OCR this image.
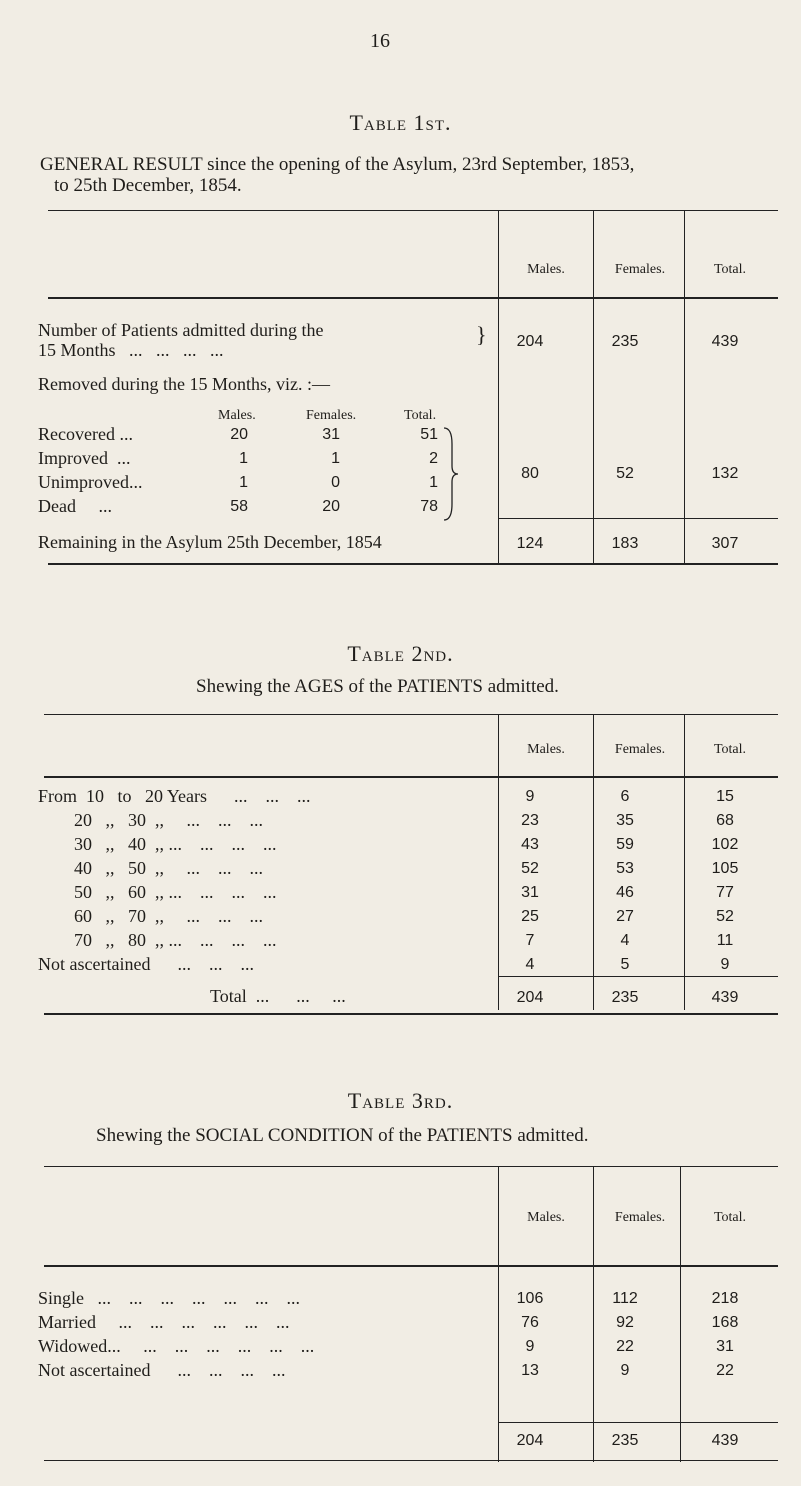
16
Table 1st.
GENERAL RESULT since the opening of the Asylum, 23rd September, 1853,
to 25th December, 1854.
Males.	Females.	Total.
Number of Patients admitted during the
15 Months   ...   ...   ...   ...
}	204	235	439
Removed during the 15 Months, viz. :—
Males.	Females.	Total.
Recovered ...	20	31	51
Improved  ...	1	1	2
Unimproved...	1	0	1
Dead     ...	58	20	78
80	52	132
Remaining in the Asylum 25th December, 1854	124	183	307
Table 2nd.
Shewing the AGES of the PATIENTS admitted.
Males.	Females.	Total.
From  10   to   20 Years      ...    ...    ...	9	6	15
20   ,,   30  ,,     ...    ...    ...	23	35	68
30   ,,   40  ,, ...    ...    ...    ...	43	59	102
40   ,,   50  ,,     ...    ...    ...	52	53	105
50   ,,   60  ,, ...    ...    ...    ...	31	46	77
60   ,,   70  ,,     ...    ...    ...	25	27	52
70   ,,   80  ,, ...    ...    ...    ...	7	4	11
Not ascertained      ...    ...    ...	4	5	9
Total  ...      ...     ...	204	235	439
Table 3rd.
Shewing the SOCIAL CONDITION of the PATIENTS admitted.
Males.	Females.	Total.
Single   ...    ...    ...    ...    ...    ...    ...	106	112	218
Married     ...    ...    ...    ...    ...    ...	76	92	168
Widowed...     ...    ...    ...    ...    ...    ...	9	22	31
Not ascertained      ...    ...    ...    ...	13	9	22
204	235	439
